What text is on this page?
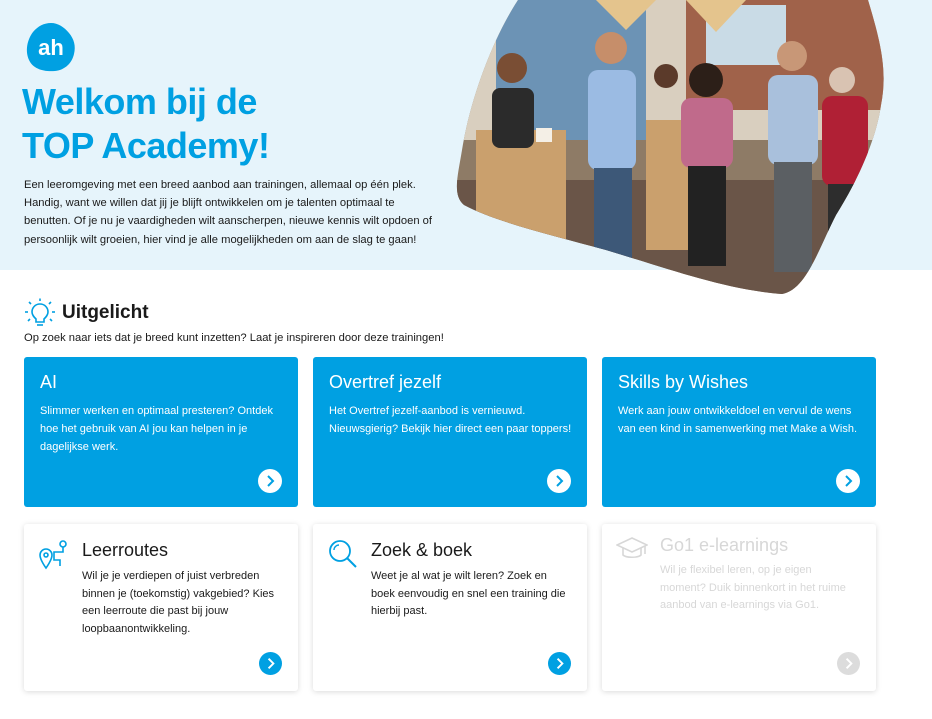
ah
Welkom bij de
TOP Academy!

Een leeromgeving met een breed aanbod aan trainingen, allemaal op één plek. Handig, want we willen dat jij je blijft ontwikkelen om je talenten optimaal te benutten. Of je nu je vaardigheden wilt aanscherpen, nieuwe kennis wilt opdoen of persoonlijk wilt groeien, hier vind je alle mogelijkheden om aan de slag te gaan!

Uitgelicht

Op zoek naar iets dat je breed kunt inzetten? Laat je inspireren door deze trainingen!

AI
Slimmer werken en optimaal presteren? Ontdek hoe het gebruik van AI jou kan helpen in je dagelijkse werk.
Overtref jezelf
Het Overtref jezelf-aanbod is vernieuwd. Nieuwsgierig? Bekijk hier direct een paar toppers!
Skills by Wishes
Werk aan jouw ontwikkeldoel en vervul de wens van een kind in samenwerking met Make a Wish.
Leerroutes
Wil je je verdiepen of juist verbreden binnen je (toekomstig) vakgebied? Kies een leerroute die past bij jouw loopbaanontwikkeling.
Zoek & boek
Weet je al wat je wilt leren? Zoek en boek eenvoudig en snel een training die hierbij past.
Go1 e-learnings
Wil je flexibel leren, op je eigen moment? Duik binnenkort in het ruime aanbod van e-learnings via Go1.
